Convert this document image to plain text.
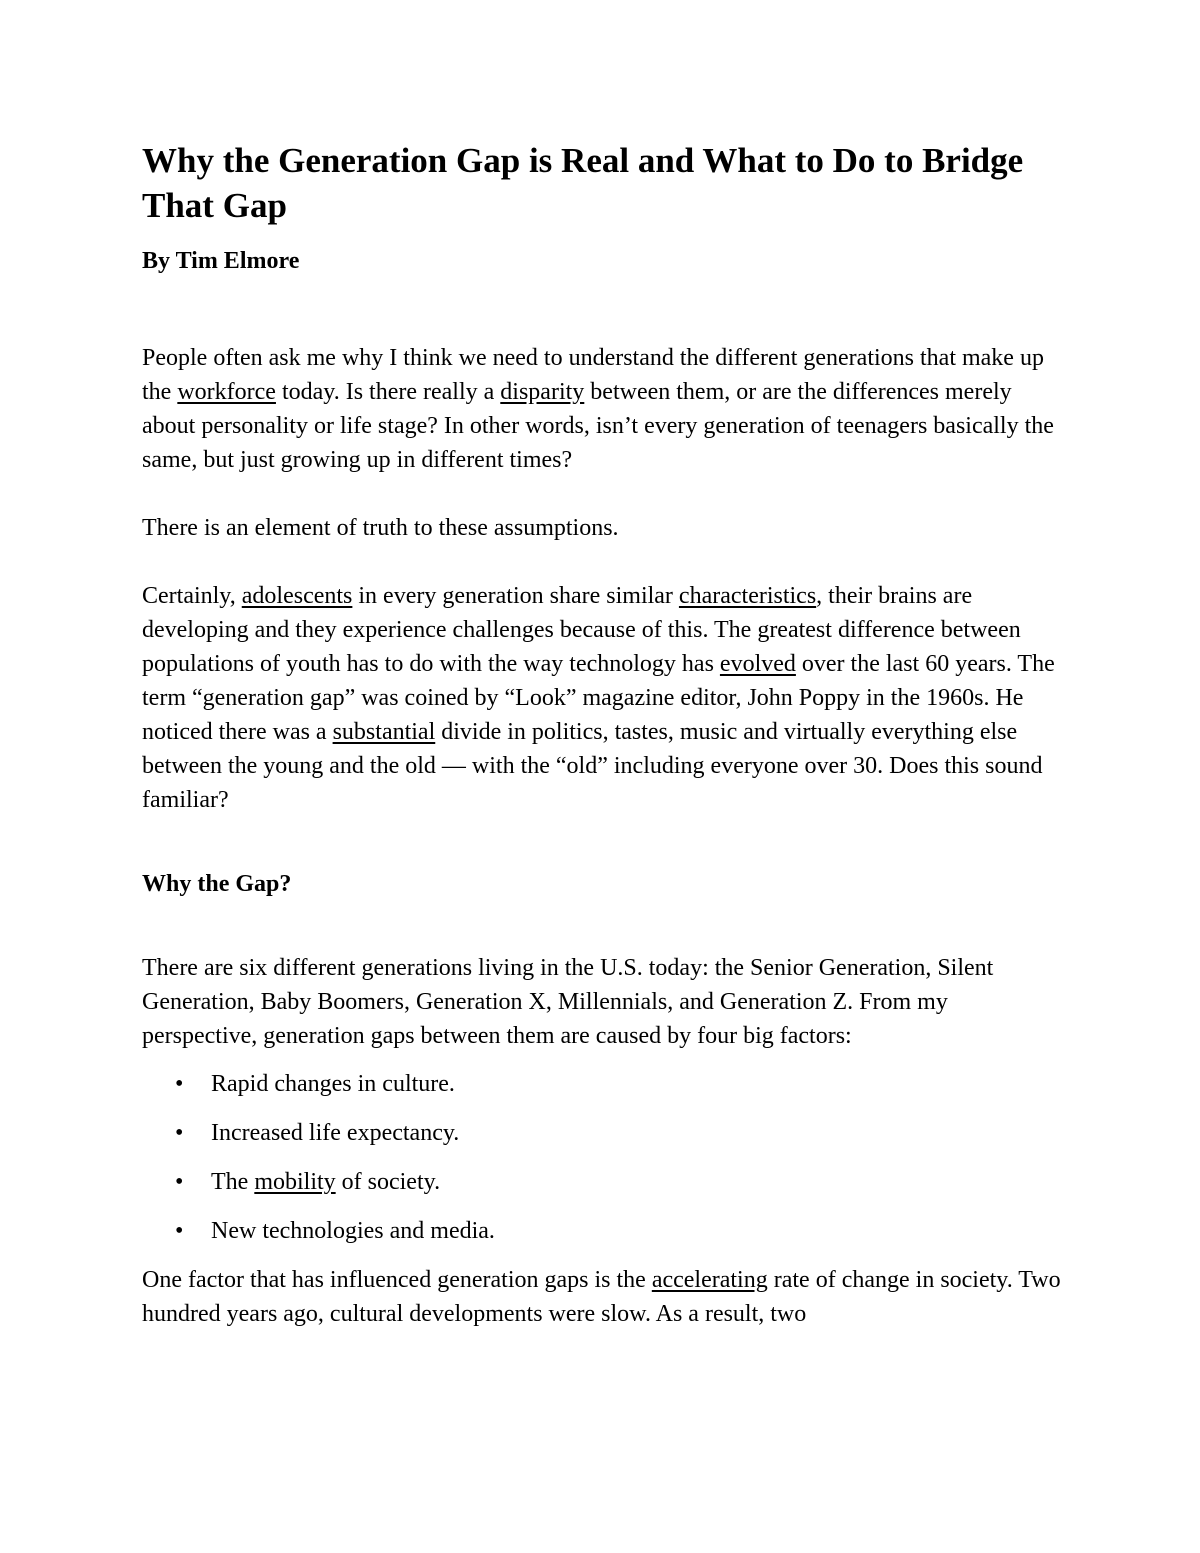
Why the Generation Gap is Real and What to Do to Bridge That Gap
By Tim Elmore

People often ask me why I think we need to understand the different generations that make up the workforce today. Is there really a disparity between them, or are the differences merely about personality or life stage? In other words, isn’t every generation of teenagers basically the same, but just growing up in different times?

There is an element of truth to these assumptions.

Certainly, adolescents in every generation share similar characteristics, their brains are developing and they experience challenges because of this. The greatest difference between populations of youth has to do with the way technology has evolved over the last 60 years. The term “generation gap” was coined by “Look” magazine editor, John Poppy in the 1960s. He noticed there was a substantial divide in politics, tastes, music and virtually everything else between the young and the old — with the “old” including everyone over 30. Does this sound familiar?

Why the Gap?

There are six different generations living in the U.S. today: the Senior Generation, Silent Generation, Baby Boomers, Generation X, Millennials, and Generation Z. From my perspective, generation gaps between them are caused by four big factors:

• Rapid changes in culture.
• Increased life expectancy.
• The mobility of society.
• New technologies and media.

One factor that has influenced generation gaps is the accelerating rate of change in society. Two hundred years ago, cultural developments were slow. As a result, two
